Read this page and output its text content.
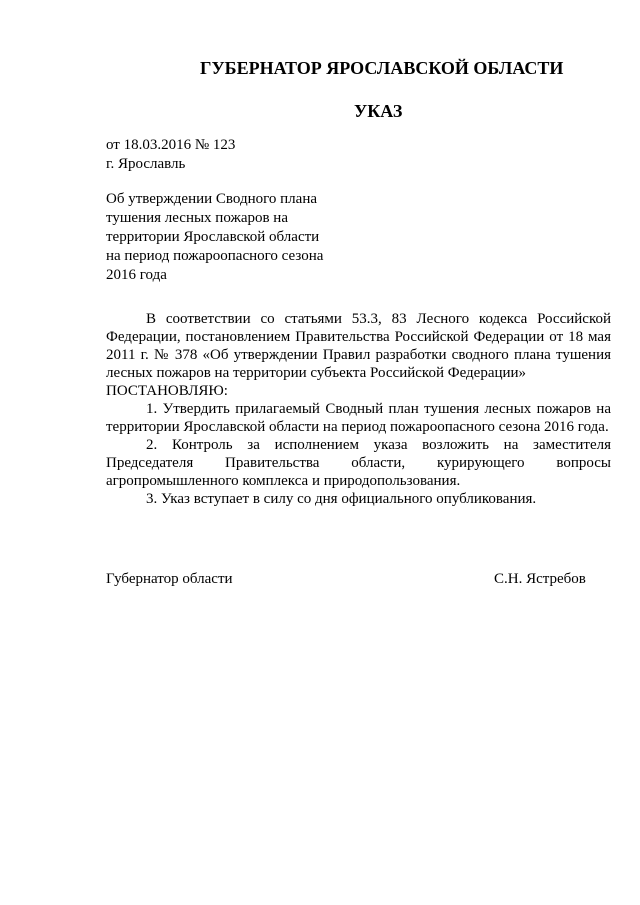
ГУБЕРНАТОР ЯРОСЛАВСКОЙ ОБЛАСТИ
УКАЗ
от 18.03.2016 № 123
г. Ярославль
Об утверждении Сводного плана
тушения лесных пожаров на
территории Ярославской области
на период пожароопасного сезона
2016 года

В соответствии со статьями 53.3, 83 Лесного кодекса Российской Федерации, постановлением Правительства Российской Федерации от 18 мая 2011 г. № 378 «Об утверждении Правил разработки сводного плана тушения лесных пожаров на территории субъекта Российской Федерации»

ПОСТАНОВЛЯЮ:

1. Утвердить прилагаемый Сводный план тушения лесных пожаров на территории Ярославской области на период пожароопасного сезона 2016 года.

2. Контроль за исполнением указа возложить на заместителя Председателя Правительства области, курирующего вопросы агропромышленного комплекса и природопользования.

3. Указ вступает в силу со дня официального опубликования.

Губернатор области	С.Н. Ястребов
